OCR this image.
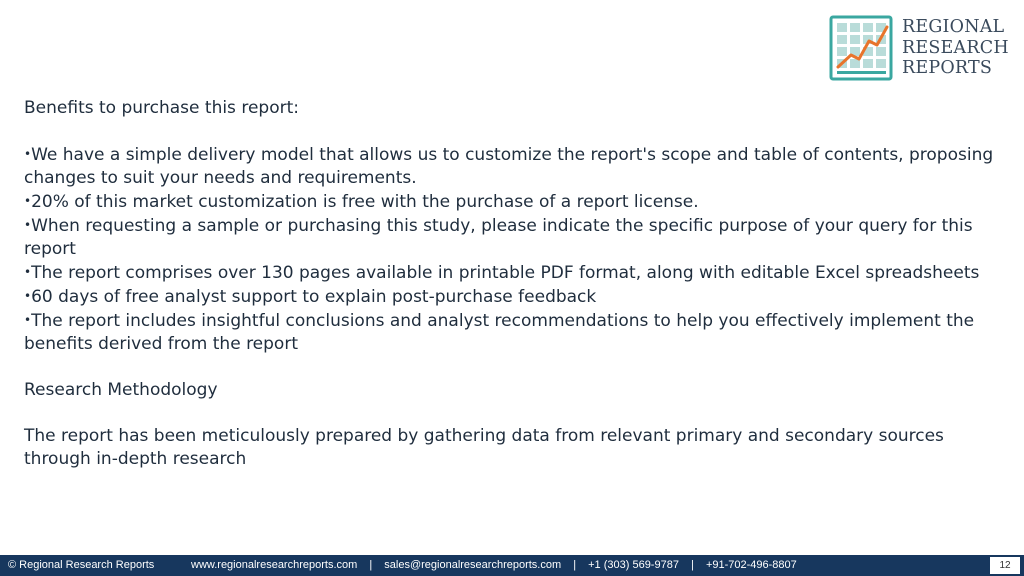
REGIONAL
RESEARCH
REPORTS

Benefits to purchase this report:

•We have a simple delivery model that allows us to customize the report's scope and table of contents, proposing changes to suit your needs and requirements.

•20% of this market customization is free with the purchase of a report license.

•When requesting a sample or purchasing this study, please indicate the specific purpose of your query for this report

•The report comprises over 130 pages available in printable PDF format, along with editable Excel spreadsheets

•60 days of free analyst support to explain post-purchase feedback

•The report includes insightful conclusions and analyst recommendations to help you effectively implement the benefits derived from the report

Research Methodology

The report has been meticulously prepared by gathering data from relevant primary and secondary sources through in-depth research

© Regional Research Reports	www.regionalresearchreports.com | sales@regionalresearchreports.com | +1 (303) 569-9787 | +91-702-496-8807	12
